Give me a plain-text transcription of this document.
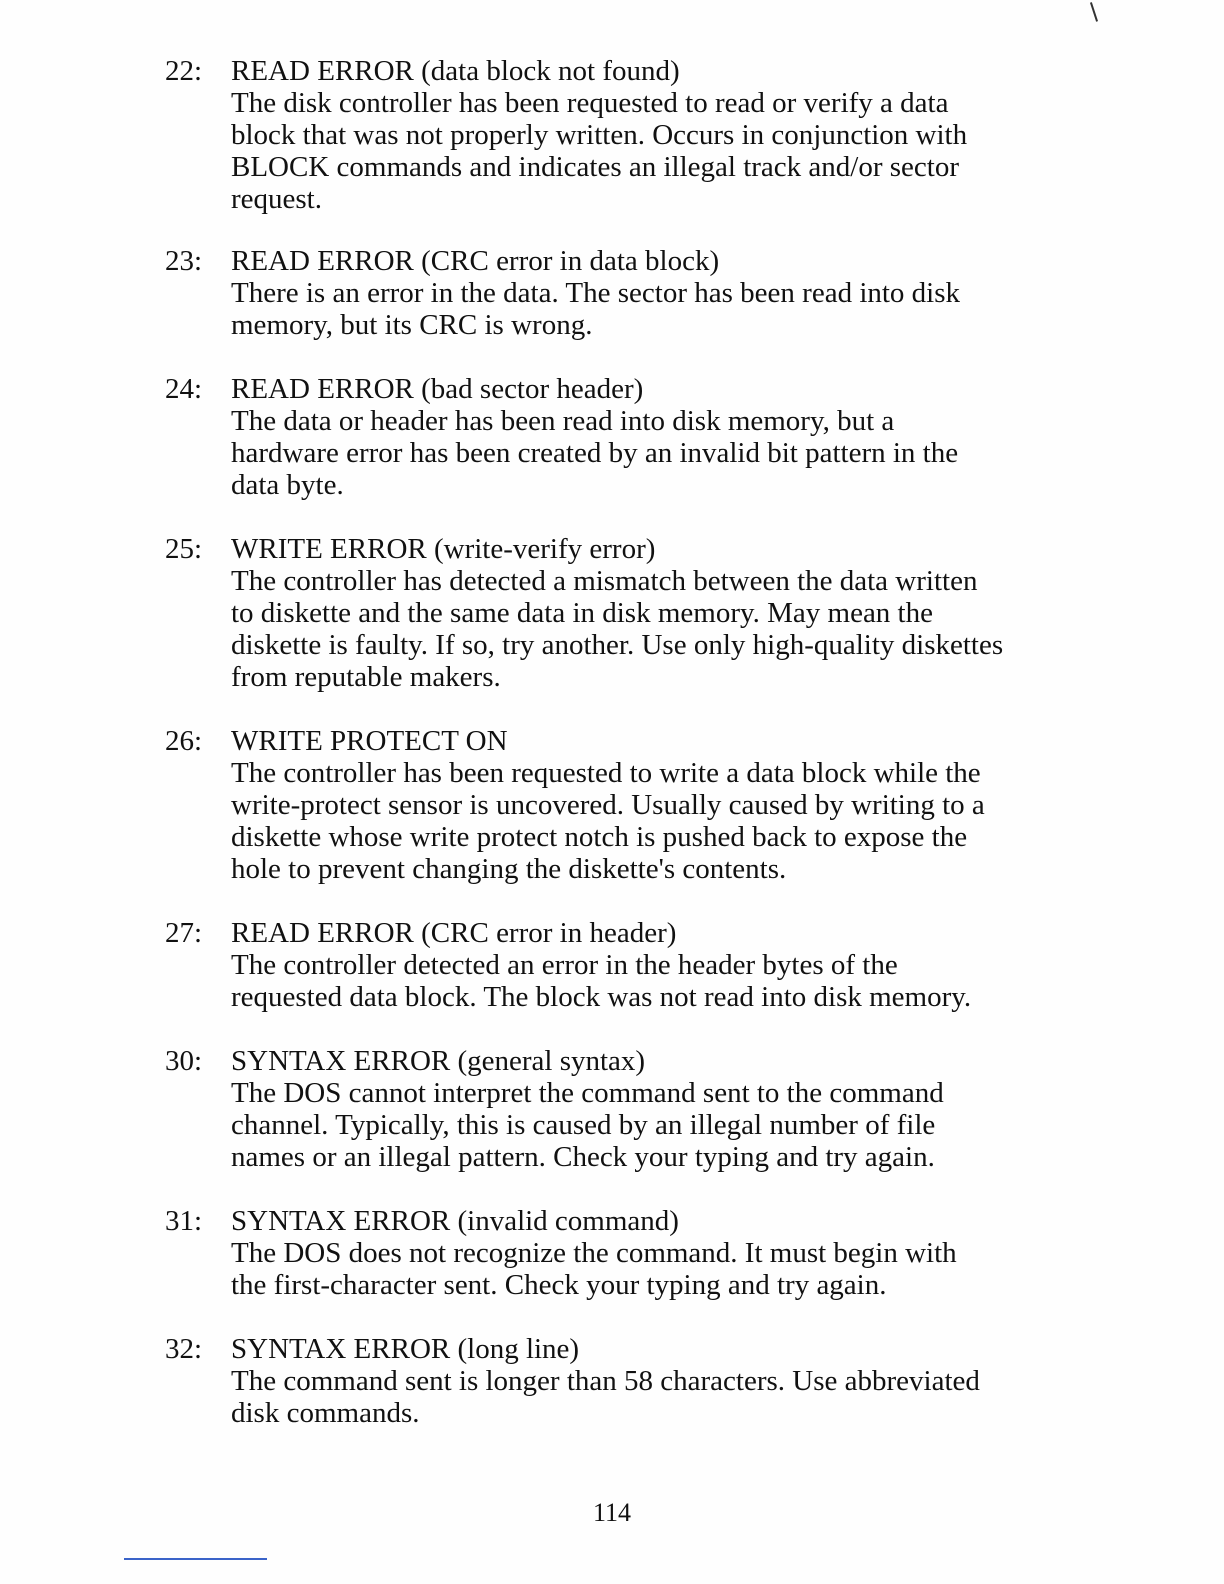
22: READ ERROR (data block not found)
The disk controller has been requested to read or verify a data
block that was not properly written. Occurs in conjunction with
BLOCK commands and indicates an illegal track and/or sector
request.
23: READ ERROR (CRC error in data block)
There is an error in the data. The sector has been read into disk
memory, but its CRC is wrong.
24: READ ERROR (bad sector header)
The data or header has been read into disk memory, but a
hardware error has been created by an invalid bit pattern in the
data byte.
25: WRITE ERROR (write-verify error)
The controller has detected a mismatch between the data written
to diskette and the same data in disk memory. May mean the
diskette is faulty. If so, try another. Use only high-quality diskettes
from reputable makers.
26: WRITE PROTECT ON
The controller has been requested to write a data block while the
write-protect sensor is uncovered. Usually caused by writing to a
diskette whose write protect notch is pushed back to expose the
hole to prevent changing the diskette's contents.
27: READ ERROR (CRC error in header)
The controller detected an error in the header bytes of the
requested data block. The block was not read into disk memory.
30: SYNTAX ERROR (general syntax)
The DOS cannot interpret the command sent to the command
channel. Typically, this is caused by an illegal number of file
names or an illegal pattern. Check your typing and try again.
31: SYNTAX ERROR (invalid command)
The DOS does not recognize the command. It must begin with
the first-character sent. Check your typing and try again.
32: SYNTAX ERROR (long line)
The command sent is longer than 58 characters. Use abbreviated
disk commands.
114
